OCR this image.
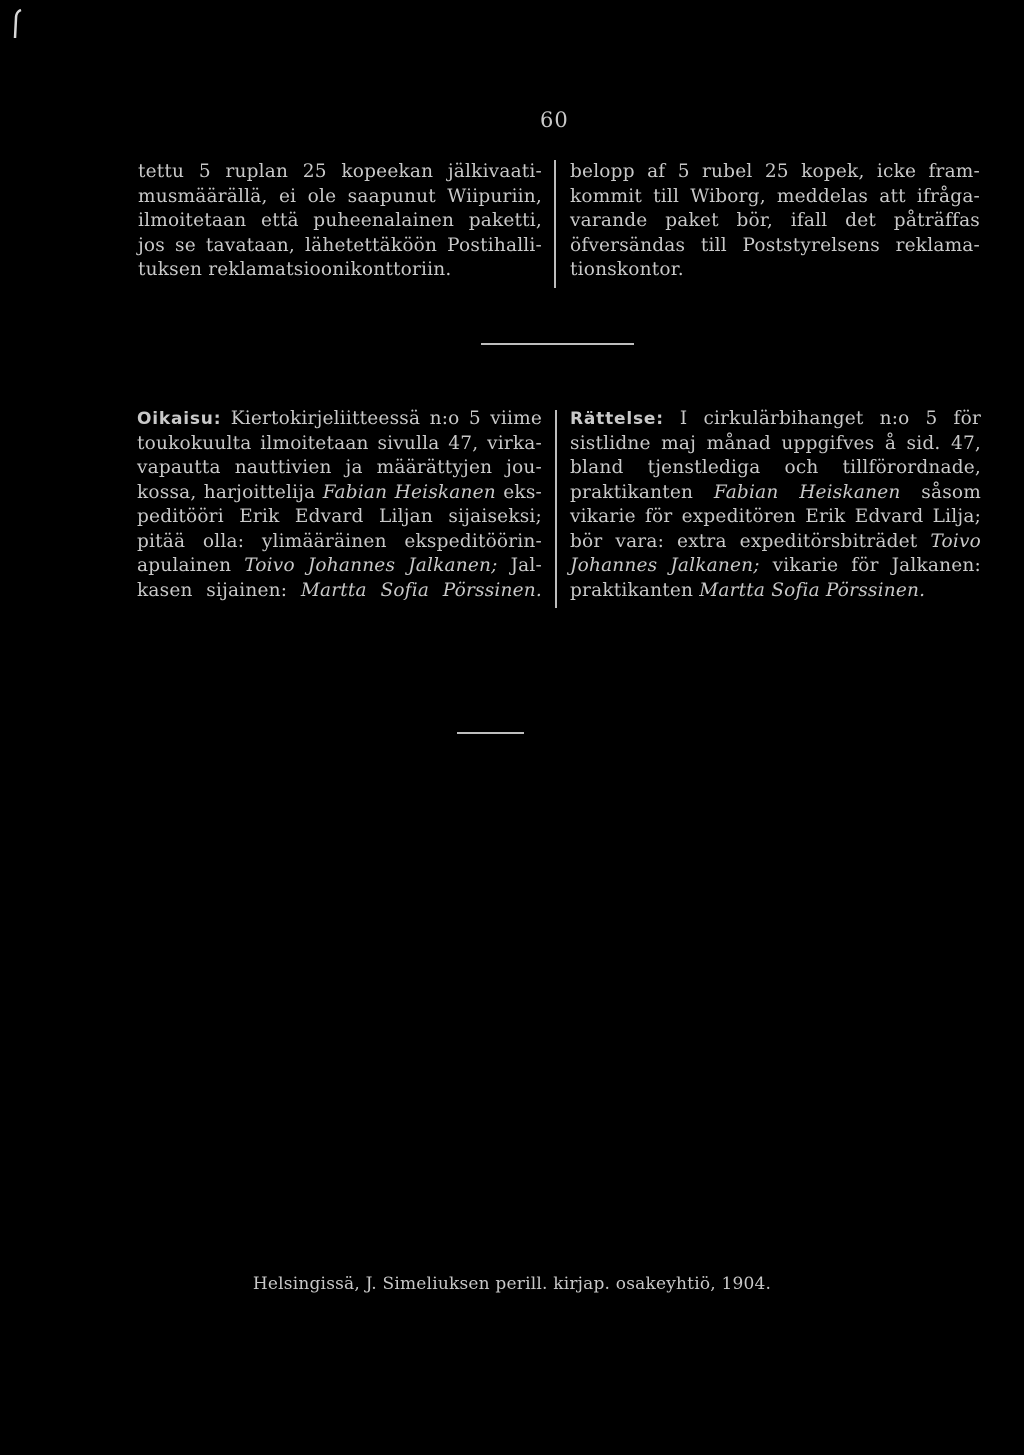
60
tettu 5 ruplan 25 kopeekan jälkivaati-
musmäärällä, ei ole saapunut Wiipuriin,
ilmoitetaan että puheenalainen paketti,
jos se tavataan, lähetettäköön Postihalli-
tuksen reklamatsioonikonttoriin.
belopp af 5 rubel 25 kopek, icke fram-
kommit till Wiborg, meddelas att ifråga-
varande paket bör, ifall det påträffas
öfversändas till Poststyrelsens reklama-
tionskontor.
Oikaisu: Kiertokirjeliitteessä n:o 5 viime
toukokuulta ilmoitetaan sivulla 47, virka-
vapautta nauttivien ja määrättyjen jou-
kossa, harjoittelija Fabian Heiskanen eks-
peditööri Erik Edvard Liljan sijaiseksi;
pitää olla: ylimääräinen ekspeditöörin-
apulainen Toivo Johannes Jalkanen; Jal-
kasen sijainen: Martta Sofia Pörssinen.
Rättelse: I cirkulärbihanget n:o 5 för
sistlidne maj månad uppgifves å sid. 47,
bland tjenstlediga och tillförordnade,
praktikanten Fabian Heiskanen såsom
vikarie för expeditören Erik Edvard Lilja;
bör vara: extra expeditörsbiträdet Toivo
Johannes Jalkanen; vikarie för Jalkanen:
praktikanten Martta Sofia Pörssinen.
Helsingissä, J. Simeliuksen perill. kirjap. osakeyhtiö, 1904.
